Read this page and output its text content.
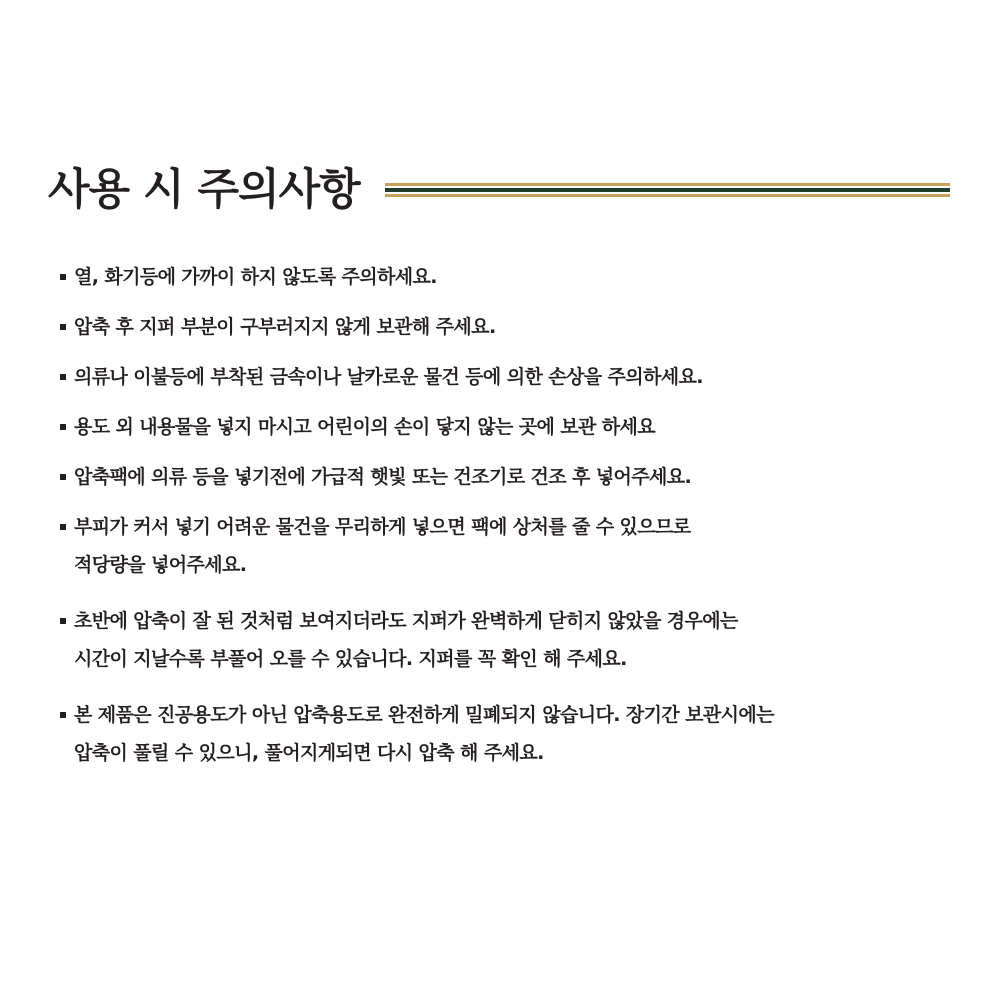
사용 시 주의사항
열, 화기등에 가까이 하지 않도록 주의하세요.
압축 후 지퍼 부분이 구부러지지 않게 보관해 주세요.
의류나 이불등에 부착된 금속이나 날카로운 물건 등에 의한 손상을 주의하세요.
용도 외 내용물을 넣지 마시고 어린이의 손이 닿지 않는 곳에 보관 하세요
압축팩에 의류 등을 넣기전에 가급적 햇빛 또는 건조기로 건조 후 넣어주세요.
부피가 커서 넣기 어려운 물건을 무리하게 넣으면 팩에 상처를 줄 수 있으므로
적당량을 넣어주세요.
초반에 압축이 잘 된 것처럼 보여지더라도 지퍼가 완벽하게 닫히지 않았을 경우에는
시간이 지날수록 부풀어 오를 수 있습니다. 지퍼를 꼭 확인 해 주세요.
본 제품은 진공용도가 아닌 압축용도로 완전하게 밀폐되지 않습니다. 장기간 보관시에는
압축이 풀릴 수 있으니, 풀어지게되면 다시 압축 해 주세요.
